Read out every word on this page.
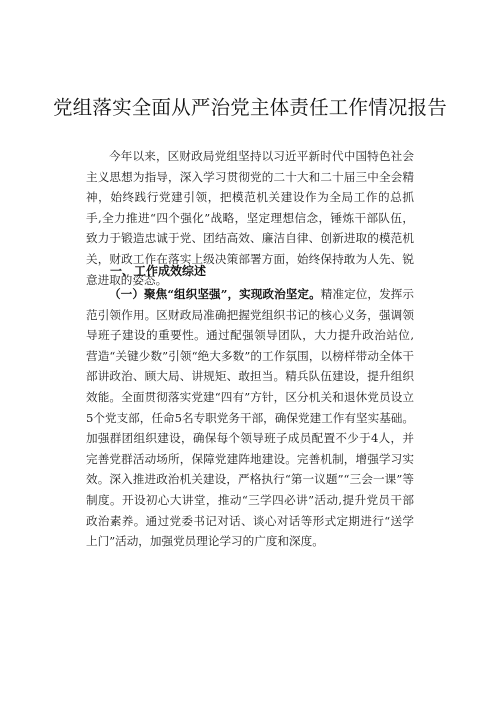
党组落实全面从严治党主体责任工作情况报告

今年以来，区财政局党组坚持以习近平新时代中国特色社会主义思想为指导，深入学习贯彻党的二十大和二十届三中全会精神，始终践行党建引领，把模范机关建设作为全局工作的总抓手,全力推进“四个强化”战略，坚定理想信念，锤炼干部队伍，致力于锻造忠诚于党、团结高效、廉洁自律、创新进取的模范机关，财政工作在落实上级决策部署方面，始终保持敢为人先、锐意进取的姿态。

一、工作成效综述

（一）聚焦“组织坚强”，实现政治坚定。精准定位，发挥示范引领作用。区财政局准确把握党组织书记的核心义务，强调领导班子建设的重要性。通过配强领导团队，大力提升政治站位,营造“关键少数”引领“绝大多数”的工作氛围，以榜样带动全体干部讲政治、顾大局、讲规矩、敢担当。精兵队伍建设，提升组织效能。全面贯彻落实党建“四有”方针，区分机关和退休党员设立5个党支部，任命5名专职党务干部，确保党建工作有坚实基础。加强群团组织建设，确保每个领导班子成员配置不少于4人，并完善党群活动场所，保障党建阵地建设。完善机制，增强学习实效。深入推进政治机关建设，严格执行“第一议题”“三会一课”等制度。开设初心大讲堂，推动“三学四必讲”活动,提升党员干部政治素养。通过党委书记对话、谈心对话等形式定期进行“送学上门”活动，加强党员理论学习的广度和深度。
